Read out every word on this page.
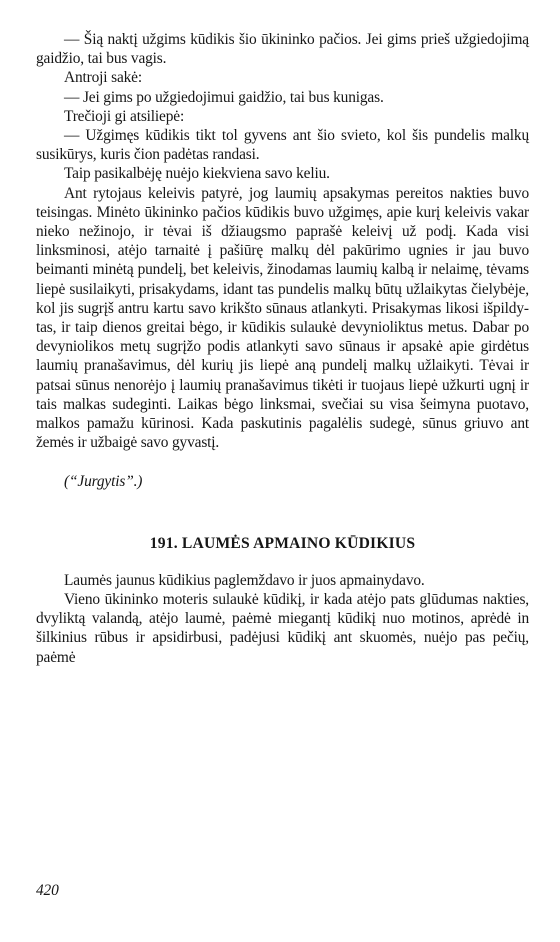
— Šią naktį užgims kūdikis šio ūkininko pačios. Jei gims prieš užgiedojimą gaidžio, tai bus vagis.

Antroji sakė:

— Jei gims po užgiedojimui gaidžio, tai bus kunigas.

Trečioji gi atsiliepė:

— Užgimęs kūdikis tikt tol gyvens ant šio svieto, kol šis pundelis malkų susikūrys, kuris čion padėtas randasi.

Taip pasikalbėję nuėjo kiekviena savo keliu.

Ant rytojaus keleivis patyrė, jog laumių apsakymas pereitos nakties buvo teisingas. Minėto ūkininko pačios kūdikis buvo užgimęs, apie kurį keleivis vakar nieko nežinojo, ir tėvai iš džiaugsmo paprašė keleivį už podį. Kada visi linksminosi, atėjo tarnaitė į pašiūrę malkų dėl pakūrimo ugnies ir jau buvo beimanti minėtą pundelį, bet keleivis, žinodamas laumių kalbą ir nelaimę, tėvams liepė susilaikyti, prisakydams, idant tas pundelis malkų būtų užlaikytas čielybėje, kol jis sugrįš antru kartu savo krikšto sūnaus atlankyti. Prisakymas likosi išpildytas, ir taip dienos greitai bėgo, ir kūdikis sulaukė devynioliktus metus. Dabar po devyniolikos metų sugrįžo podis atlankyti savo sūnaus ir apsakė apie girdėtus laumių pranašavimus, dėl kurių jis liepė aną pundelį malkų užlaikyti. Tėvai ir patsai sūnus nenorėjo į laumių pranašavimus tikėti ir tuojaus liepė užkurti ugnį ir tais malkas sudeginti. Laikas bėgo linksmai, svečiai su visa šeimyna puotavo, malkos pamažu kūrinosi. Kada paskutinis pagalėlis sudegė, sūnus griuvo ant žemės ir užbaigė savo gyvastį.

(“Jurgytis”.)

191. LAUMĖS APMAINO KŪDIKIUS

Laumės jaunus kūdikius paglemždavo ir juos apmainydavo.

Vieno ūkininko moteris sulaukė kūdikį, ir kada atėjo pats glūdumas nakties, dvyliktą valandą, atėjo laumė, paėmė miegantį kūdikį nuo motinos, aprėdė in šilkinius rūbus ir apsidirbusi, padėjusi kūdikį ant skuomės, nuėjo pas pečių, paėmė

420
